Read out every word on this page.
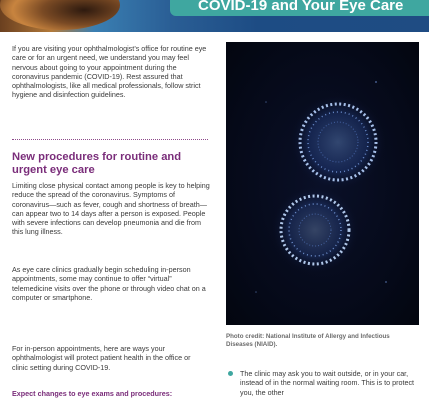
COVID-19 and Your Eye Care

If you are visiting your ophthalmologist’s office for routine eye care or for an urgent need, we understand you may feel nervous about going to your appointment during the coronavirus pandemic (COVID-19). Rest assured that ophthalmologists, like all medical professionals, follow strict hygiene and disinfection guidelines.

New procedures for routine and urgent eye care

Limiting close physical contact among people is key to helping reduce the spread of the coronavirus. Symptoms of coronavirus—such as fever, cough and shortness of breath—can appear two to 14 days after a person is exposed. People with severe infections can develop pneumonia and die from this lung illness.

As eye care clinics gradually begin scheduling in-person appointments, some may continue to offer “virtual” telemedicine visits over the phone or through video chat on a computer or smartphone.

For in-person appointments, here are ways your ophthalmologist will protect patient health in the office or clinic setting during COVID-19.

Expect changes to eye exams and procedures:

Photo credit: National Institute of Allergy and Infectious Diseases (NIAID).

The clinic may ask you to wait outside, or in your car, instead of in the normal waiting room. This is to protect you, the other
